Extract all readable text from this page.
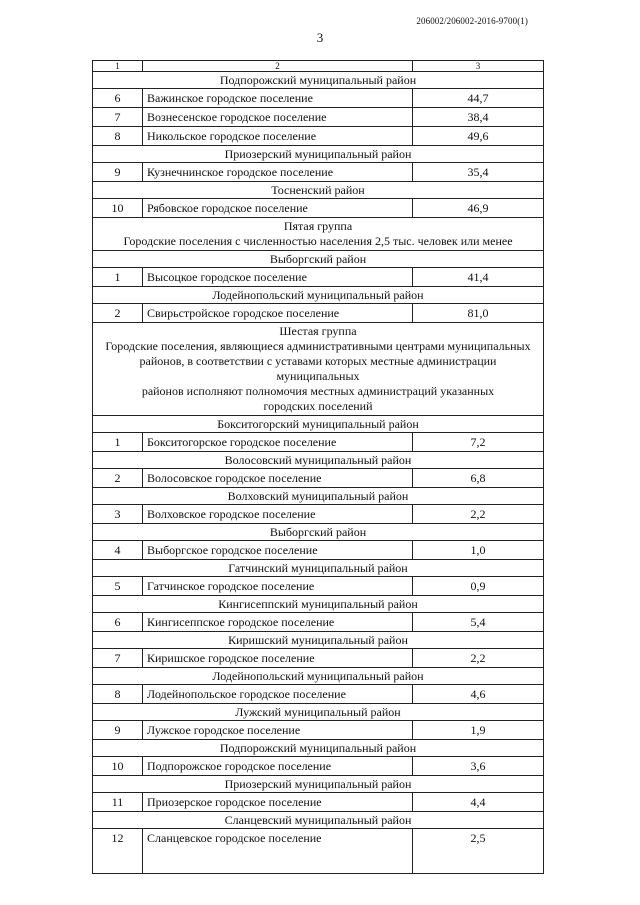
206002/206002-2016-9700(1)
3
1	2	3
Подпорожский муниципальный район		
6	Важинское городское поселение	44,7
7	Вознесенское городское поселение	38,4
8	Никольское городское поселение	49,6
Приозерский муниципальный район		
9	Кузнечнинское городское поселение	35,4
Тосненский район		
10	Рябовское городское поселение	46,9

Пятая группа
Городские поселения с численностью населения 2,5 тыс. человек или менее		

Выборгский район		
1	Высоцкое городское поселение	41,4
Лодейнопольский муниципальный район		
2	Свирьстройское городское поселение	81,0

Шестая группа
Городские поселения, являющиеся административными центрами муниципальных
районов, в соответствии с уставами которых местные администрации муниципальных
районов исполняют полномочия местных администраций указанных
городских поселений		

Бокситогорский муниципальный район		
1	Бокситогорское городское поселение	7,2
Волосовский муниципальный район		
2	Волосовское городское поселение	6,8
Волховский муниципальный район		
3	Волховское городское поселение	2,2
Выборгский район		
4	Выборгское городское поселение	1,0
Гатчинский муниципальный район		
5	Гатчинское городское поселение	0,9
Кингисеппский муниципальный район		
6	Кингисеппское городское поселение	5,4
Киришский муниципальный район		
7	Киришское городское поселение	2,2
Лодейнопольский муниципальный район		
8	Лодейнопольское городское поселение	4,6
Лужский муниципальный район		
9	Лужское городское поселение	1,9
Подпорожский муниципальный район		
10	Подпорожское городское поселение	3,6
Приозерский муниципальный район		
11	Приозерское городское поселение	4,4
Сланцевский муниципальный район		
12	Сланцевское городское поселение	2,5
